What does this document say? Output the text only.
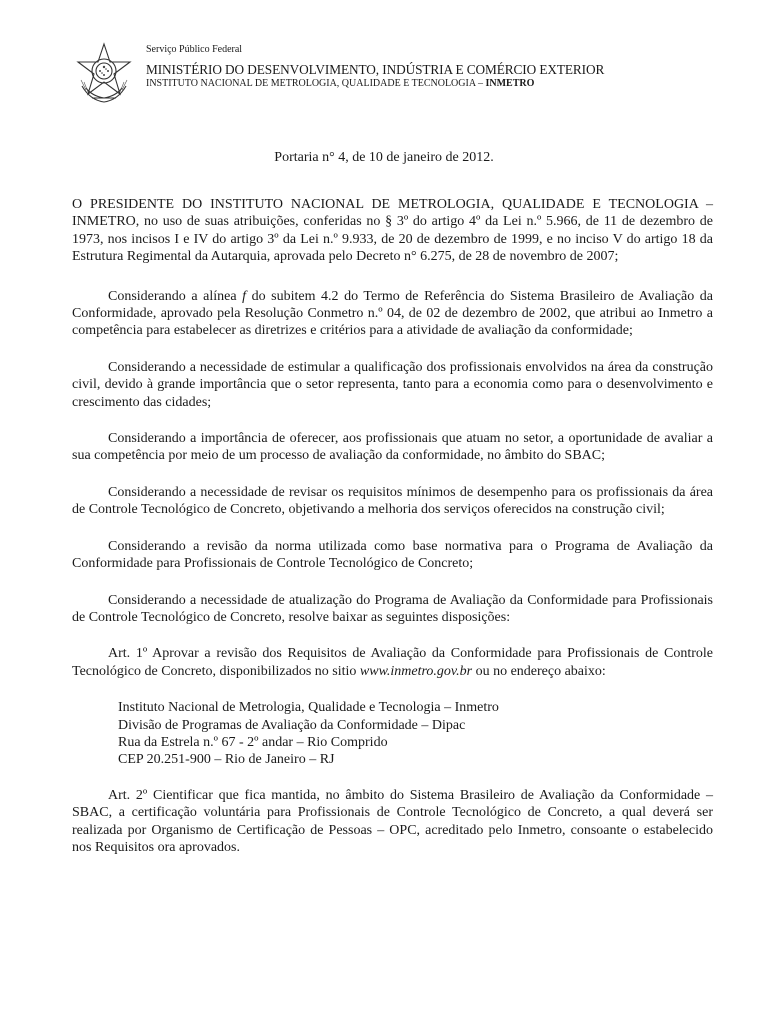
Serviço Público Federal
MINISTÉRIO DO DESENVOLVIMENTO, INDÚSTRIA E COMÉRCIO EXTERIOR
INSTITUTO NACIONAL DE METROLOGIA, QUALIDADE E TECNOLOGIA – INMETRO
Portaria n° 4, de 10 de janeiro de 2012.

O PRESIDENTE DO INSTITUTO NACIONAL DE METROLOGIA, QUALIDADE E TECNOLOGIA – INMETRO, no uso de suas atribuições, conferidas no § 3º do artigo 4º da Lei n.º 5.966, de 11 de dezembro de 1973, nos incisos I e IV do artigo 3º da Lei n.º 9.933, de 20 de dezembro de 1999, e no inciso V do artigo 18 da Estrutura Regimental da Autarquia, aprovada pelo Decreto n° 6.275, de 28 de novembro de 2007;

Considerando a alínea f do subitem 4.2 do Termo de Referência do Sistema Brasileiro de Avaliação da Conformidade, aprovado pela Resolução Conmetro n.º 04, de 02 de dezembro de 2002, que atribui ao Inmetro a competência para estabelecer as diretrizes e critérios para a atividade de avaliação da conformidade;

Considerando a necessidade de estimular a qualificação dos profissionais envolvidos na área da construção civil, devido à grande importância que o setor representa, tanto para a economia como para o desenvolvimento e crescimento das cidades;

Considerando a importância de oferecer, aos profissionais que atuam no setor, a oportunidade de avaliar a sua competência por meio de um processo de avaliação da conformidade, no âmbito do SBAC;

Considerando a necessidade de revisar os requisitos mínimos de desempenho para os profissionais da área de Controle Tecnológico de Concreto, objetivando a melhoria dos serviços oferecidos na construção civil;

Considerando a revisão da norma utilizada como base normativa para o Programa de Avaliação da Conformidade para Profissionais de Controle Tecnológico de Concreto;

Considerando a necessidade de atualização do Programa de Avaliação da Conformidade para Profissionais de Controle Tecnológico de Concreto, resolve baixar as seguintes disposições:

Art. 1º Aprovar a revisão dos Requisitos de Avaliação da Conformidade para Profissionais de Controle Tecnológico de Concreto, disponibilizados no sitio www.inmetro.gov.br ou no endereço abaixo:

Instituto Nacional de Metrologia, Qualidade e Tecnologia – Inmetro
Divisão de Programas de Avaliação da Conformidade – Dipac
Rua da Estrela n.º 67 - 2º andar – Rio Comprido
CEP 20.251-900 – Rio de Janeiro – RJ

Art. 2º Cientificar que fica mantida, no âmbito do Sistema Brasileiro de Avaliação da Conformidade – SBAC, a certificação voluntária para Profissionais de Controle Tecnológico de Concreto, a qual deverá ser realizada por Organismo de Certificação de Pessoas – OPC, acreditado pelo Inmetro, consoante o estabelecido nos Requisitos ora aprovados.
